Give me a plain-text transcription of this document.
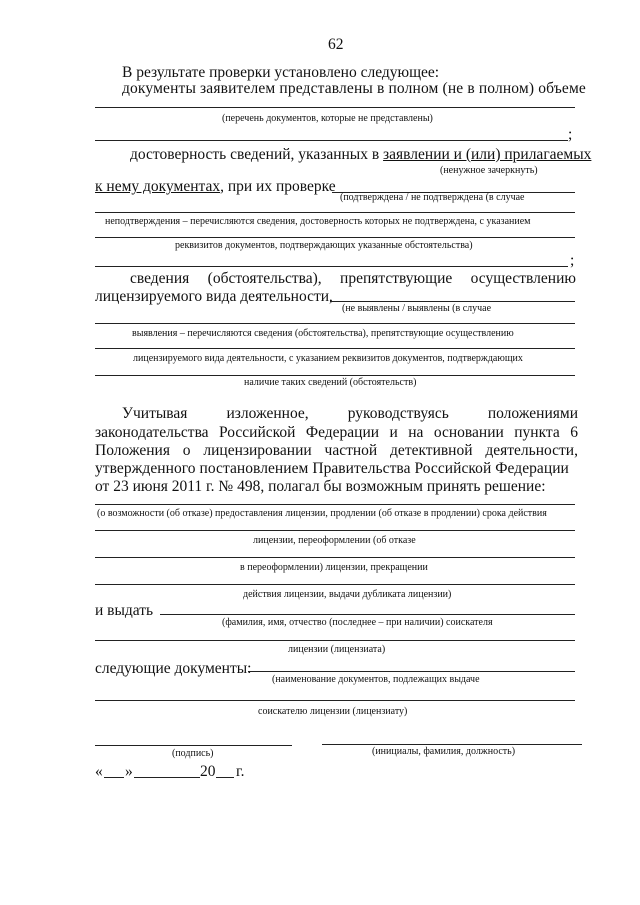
62
В результате проверки установлено следующее:
документы заявителем представлены в полном (не в полном) объеме
(перечень документов, которые не представлены)
;
достоверность сведений, указанных в заявлении и (или) прилагаемых
(ненужное зачеркнуть)
к нему документах, при их проверке
(подтверждена / не подтверждена (в случае
неподтверждения – перечисляются сведения, достоверность которых не подтверждена, с указанием
реквизитов документов, подтверждающих указанные обстоятельства)
;
сведения (обстоятельства), препятствующие осуществлению
лицензируемого вида деятельности,
(не выявлены / выявлены (в случае
выявления – перечисляются сведения (обстоятельства), препятствующие осуществлению
лицензируемого вида деятельности, с указанием реквизитов документов, подтверждающих
наличие таких сведений (обстоятельств)
Учитывая	изложенное,	руководствуясь	положениями
законодательства Российской Федерации и на основании пункта 6
Положения о лицензировании частной детективной деятельности,
утвержденного постановлением Правительства Российской Федерации
от 23 июня 2011 г. № 498, полагал бы возможным принять решение:
(о возможности (об отказе) предоставления лицензии, продлении (об отказе в продлении) срока действия
лицензии, переоформлении (об отказе
в переоформлении) лицензии, прекращении
действия лицензии, выдачи дубликата лицензии)
и выдать
(фамилия, имя, отчество (последнее – при наличии) соискателя
лицензии (лицензиата)
следующие документы:
(наименование документов, подлежащих выдаче
соискателю лицензии (лицензиату)
(подпись)	(инициалы, фамилия, должность)
« »	20 г.
